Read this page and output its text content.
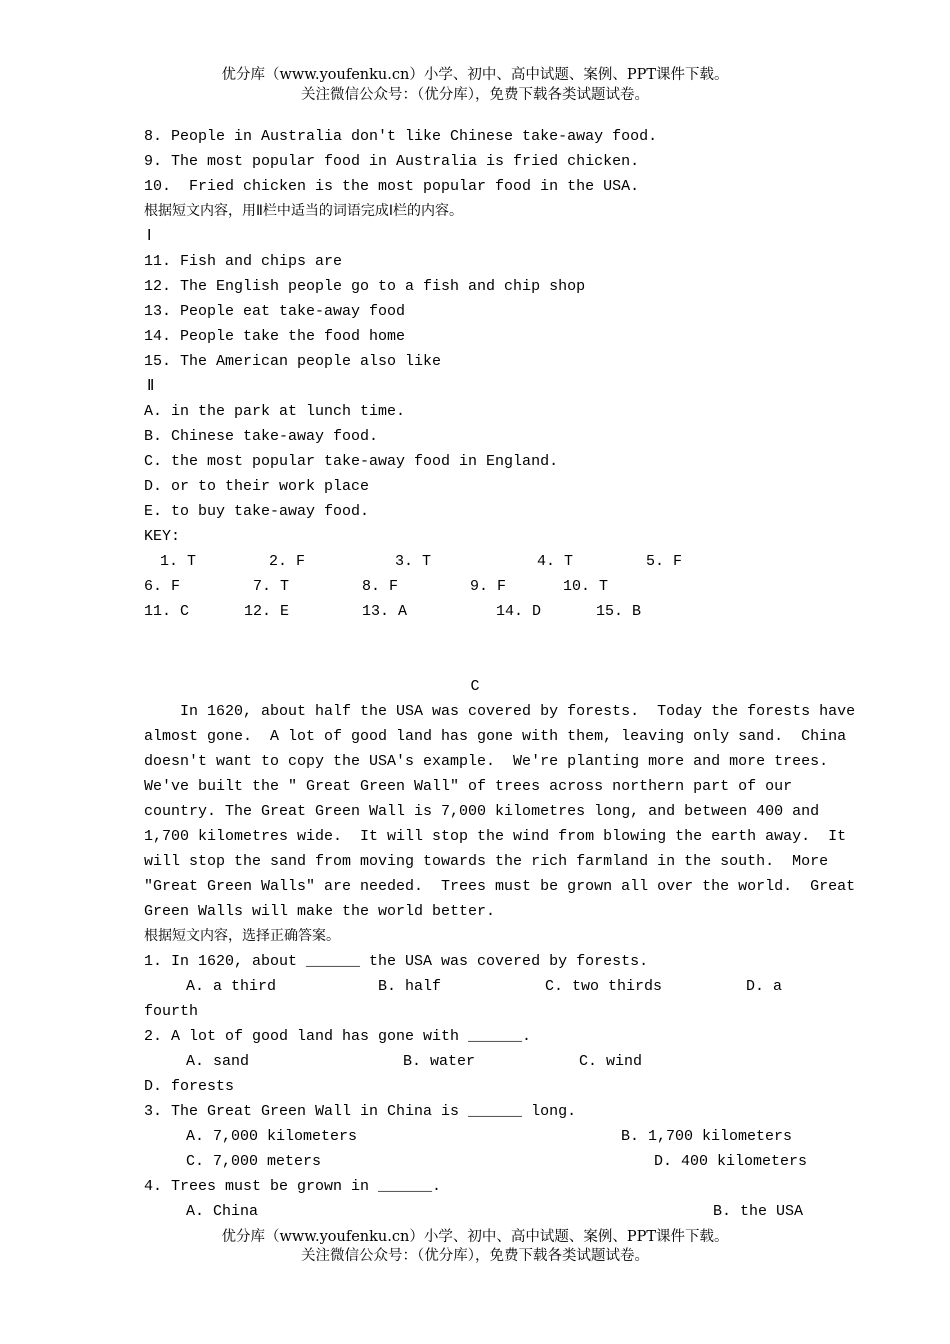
优分库（www.youfenku.cn）小学、初中、高中试题、案例、PPT课件下载。
关注微信公众号：（优分库），免费下载各类试题试卷。
8. People in Australia don′t like Chinese take-away food.
9. The most popular food in Australia is fried chicken.
10.  Fried chicken is the most popular food in the USA.
根据短文内容，用Ⅱ栏中适当的词语完成Ⅰ栏的内容。
Ⅰ
11. Fish and chips are
12. The English people go to a fish and chip shop
13. People eat take-away food
14. People take the food home
15. The American people also like
Ⅱ
A. in the park at lunch time.
B. Chinese take-away food.
C. the most popular take-away food in England.
D. or to their work place
E. to buy take-away food.
KEY:
1. T	2. F	3. T	4. T	5. F
6. F	7. T	8. F	9. F	10. T
11. C	12. E	13. A	14. D	15. B
C
In 1620, about half the USA was covered by forests.  Today the forests have
almost gone.  A lot of good land has gone with them, leaving only sand.  China
doesn′t want to copy the USA′s example.  We′re planting more and more trees.
We′ve built the ″ Great Green Wall″ of trees across northern part of our
country. The Great Green Wall is 7,000 kilometres long, and between 400 and
1,700 kilometres wide.  It will stop the wind from blowing the earth away.  It
will stop the sand from moving towards the rich farmland in the south.  More
″Great Green Walls″ are needed.  Trees must be grown all over the world.  Great
Green Walls will make the world better.
根据短文内容，选择正确答案。
1. In 1620, about ______ the USA was covered by forests.
A. a third	B. half	C. two thirds	D. a
fourth
2. A lot of good land has gone with ______.
A. sand	B. water	C. wind
D. forests
3. The Great Green Wall in China is ______ long.
A. 7,000 kilometers	B. 1,700 kilometers
C. 7,000 meters	D. 400 kilometers
4. Trees must be grown in ______.
A. China	B. the USA
优分库（www.youfenku.cn）小学、初中、高中试题、案例、PPT课件下载。
关注微信公众号：（优分库），免费下载各类试题试卷。
